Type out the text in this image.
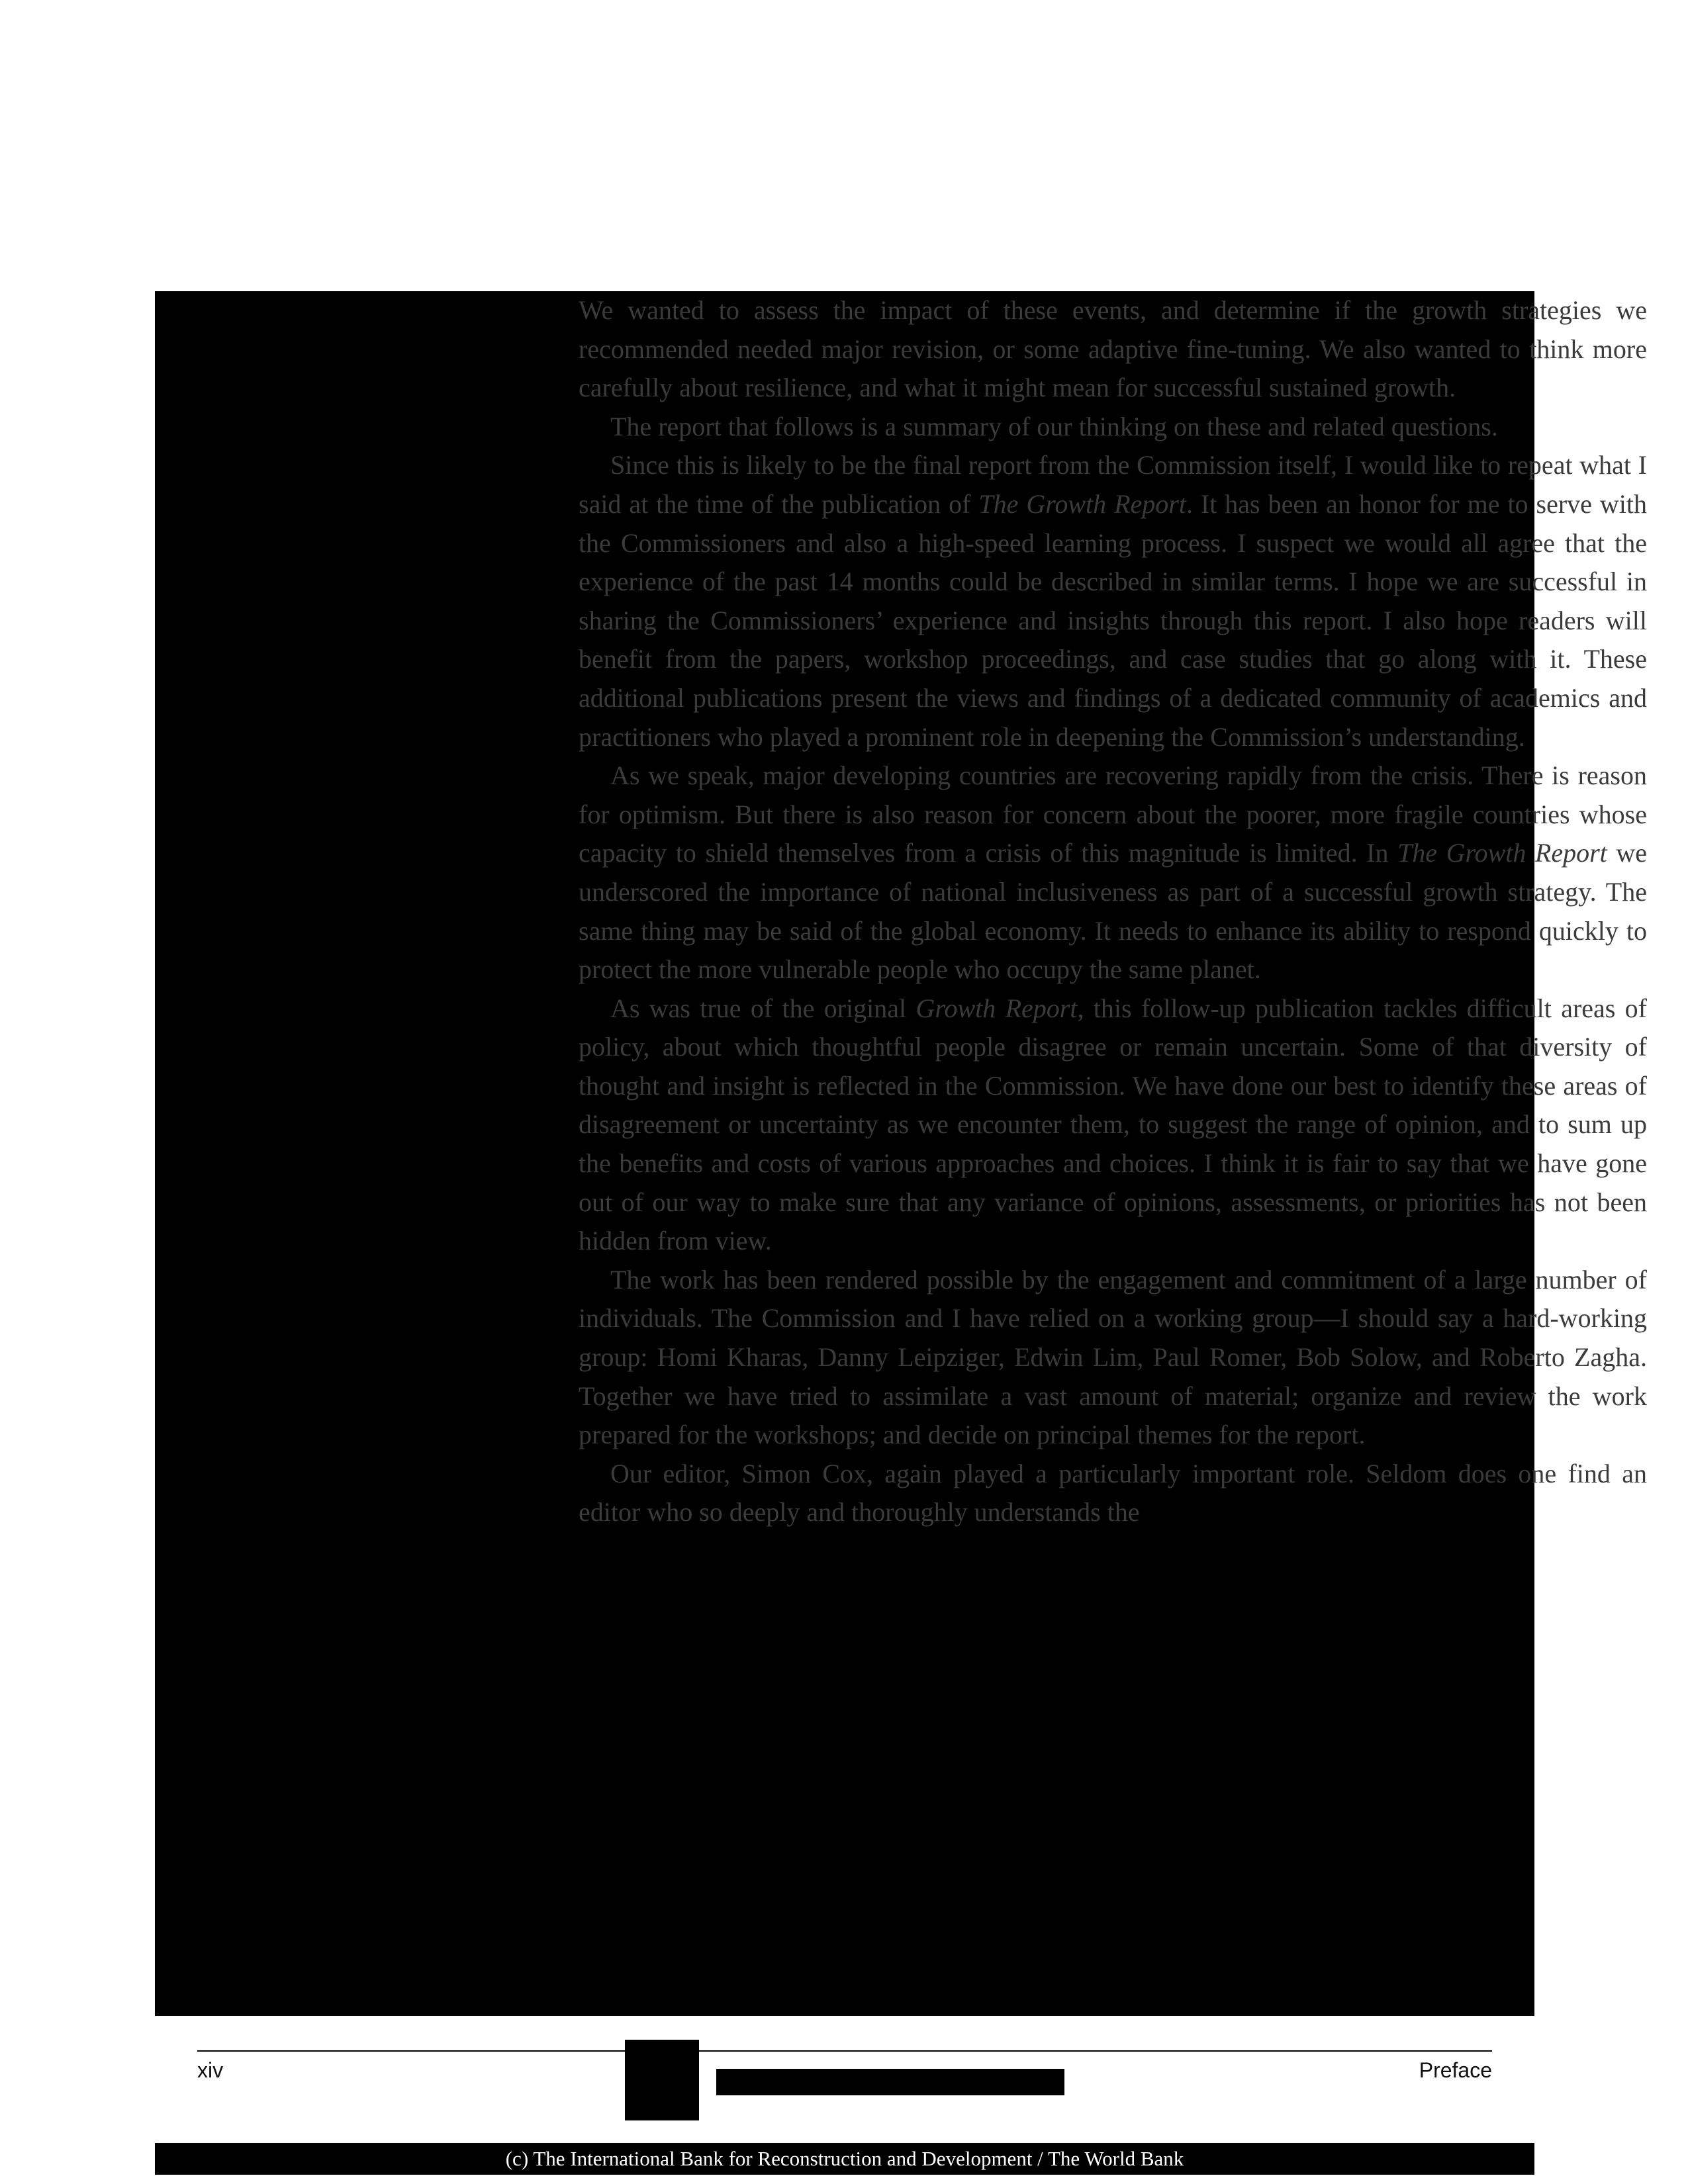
We wanted to assess the impact of these events, and determine if the growth strategies we recommended needed major revision, or some adaptive fine-tuning. We also wanted to think more carefully about resilience, and what it might mean for successful sustained growth.

The report that follows is a summary of our thinking on these and related questions.

Since this is likely to be the final report from the Commission itself, I would like to repeat what I said at the time of the publication of The Growth Report. It has been an honor for me to serve with the Commissioners and also a high-speed learning process. I suspect we would all agree that the experience of the past 14 months could be described in similar terms. I hope we are successful in sharing the Commissioners’ experience and insights through this report. I also hope readers will benefit from the papers, workshop proceedings, and case studies that go along with it. These additional publications present the views and findings of a dedicated community of academics and practitioners who played a prominent role in deepening the Commission’s understanding.

As we speak, major developing countries are recovering rapidly from the crisis. There is reason for optimism. But there is also reason for concern about the poorer, more fragile countries whose capacity to shield themselves from a crisis of this magnitude is limited. In The Growth Report we underscored the importance of national inclusiveness as part of a successful growth strategy. The same thing may be said of the global economy. It needs to enhance its ability to respond quickly to protect the more vulnerable people who occupy the same planet.

As was true of the original Growth Report, this follow-up publication tackles difficult areas of policy, about which thoughtful people disagree or remain uncertain. Some of that diversity of thought and insight is reflected in the Commission. We have done our best to identify these areas of disagreement or uncertainty as we encounter them, to suggest the range of opinion, and to sum up the benefits and costs of various approaches and choices. I think it is fair to say that we have gone out of our way to make sure that any variance of opinions, assessments, or priorities has not been hidden from view.

The work has been rendered possible by the engagement and commitment of a large number of individuals. The Commission and I have relied on a working group—I should say a hard-working group: Homi Kharas, Danny Leipziger, Edwin Lim, Paul Romer, Bob Solow, and Roberto Zagha. Together we have tried to assimilate a vast amount of material; organize and review the work prepared for the workshops; and decide on principal themes for the report.

Our editor, Simon Cox, again played a particularly important role. Seldom does one find an editor who so deeply and thoroughly understands the

xiv	Preface
(c) The International Bank for Reconstruction and Development / The World Bank
